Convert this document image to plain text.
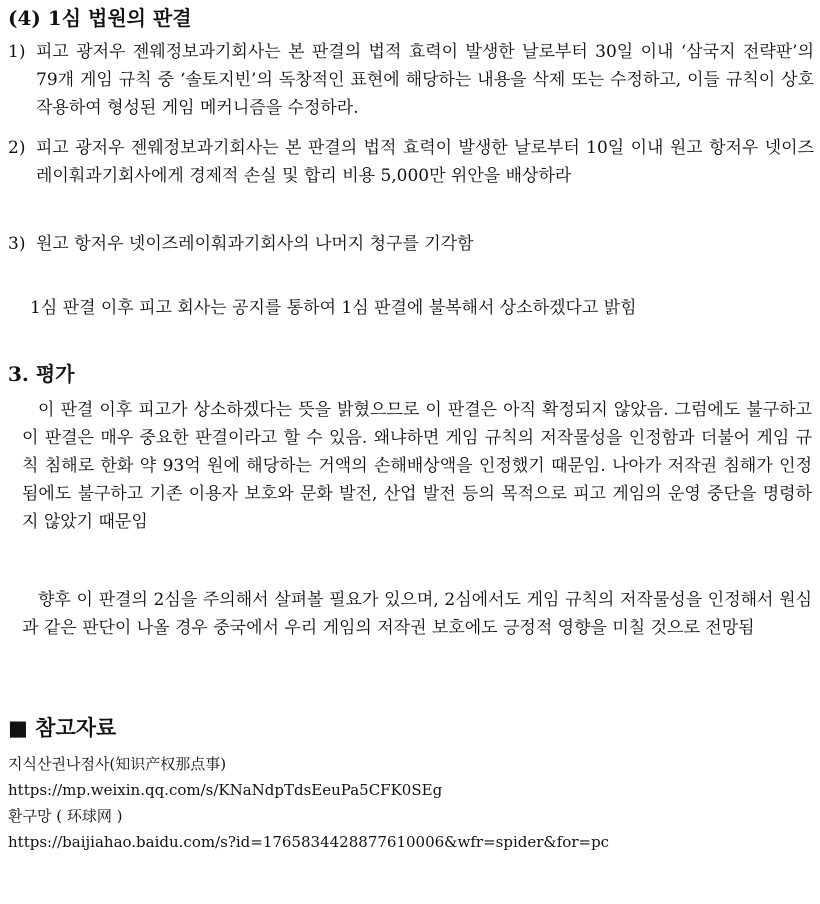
(4) 1심 법원의 판결
1) 피고 광저우 젠웨정보과기회사는 본 판결의 법적 효력이 발생한 날로부터 30일 이내 ‘삼국지 전략판’의 79개 게임 규칙 중 ‘솔토지빈’의 독창적인 표현에 해당하는 내용을 삭제 또는 수정하고, 이들 규칙이 상호 작용하여 형성된 게임 메커니즘을 수정하라.
2) 피고 광저우 젠웨정보과기회사는 본 판결의 법적 효력이 발생한 날로부터 10일 이내 원고 항저우 넷이즈레이훠과기회사에게 경제적 손실 및 합리 비용 5,000만 위안을 배상하라
3) 원고 항저우 넷이즈레이훠과기회사의 나머지 청구를 기각함

1심 판결 이후 피고 회사는 공지를 통하여 1심 판결에 불복해서 상소하겠다고 밝힘

3. 평가

이 판결 이후 피고가 상소하겠다는 뜻을 밝혔으므로 이 판결은 아직 확정되지 않았음. 그럼에도 불구하고 이 판결은 매우 중요한 판결이라고 할 수 있음. 왜냐하면 게임 규칙의 저작물성을 인정함과 더불어 게임 규칙 침해로 한화 약 93억 원에 해당하는 거액의 손해배상액을 인정했기 때문임. 나아가 저작권 침해가 인정됨에도 불구하고 기존 이용자 보호와 문화 발전, 산업 발전 등의 목적으로 피고 게임의 운영 중단을 명령하지 않았기 때문임

향후 이 판결의 2심을 주의해서 살펴볼 필요가 있으며, 2심에서도 게임 규칙의 저작물성을 인정해서 원심과 같은 판단이 나올 경우 중국에서 우리 게임의 저작권 보호에도 긍정적 영향을 미칠 것으로 전망됨

■ 참고자료

지식산권나점사(知识产权那点事)

https://mp.weixin.qq.com/s/KNaNdpTdsEeuPa5CFK0SEg

환구망 ( 环球网 )

https://baijiahao.baidu.com/s?id=1765834428877610006&wfr=spider&for=pc
